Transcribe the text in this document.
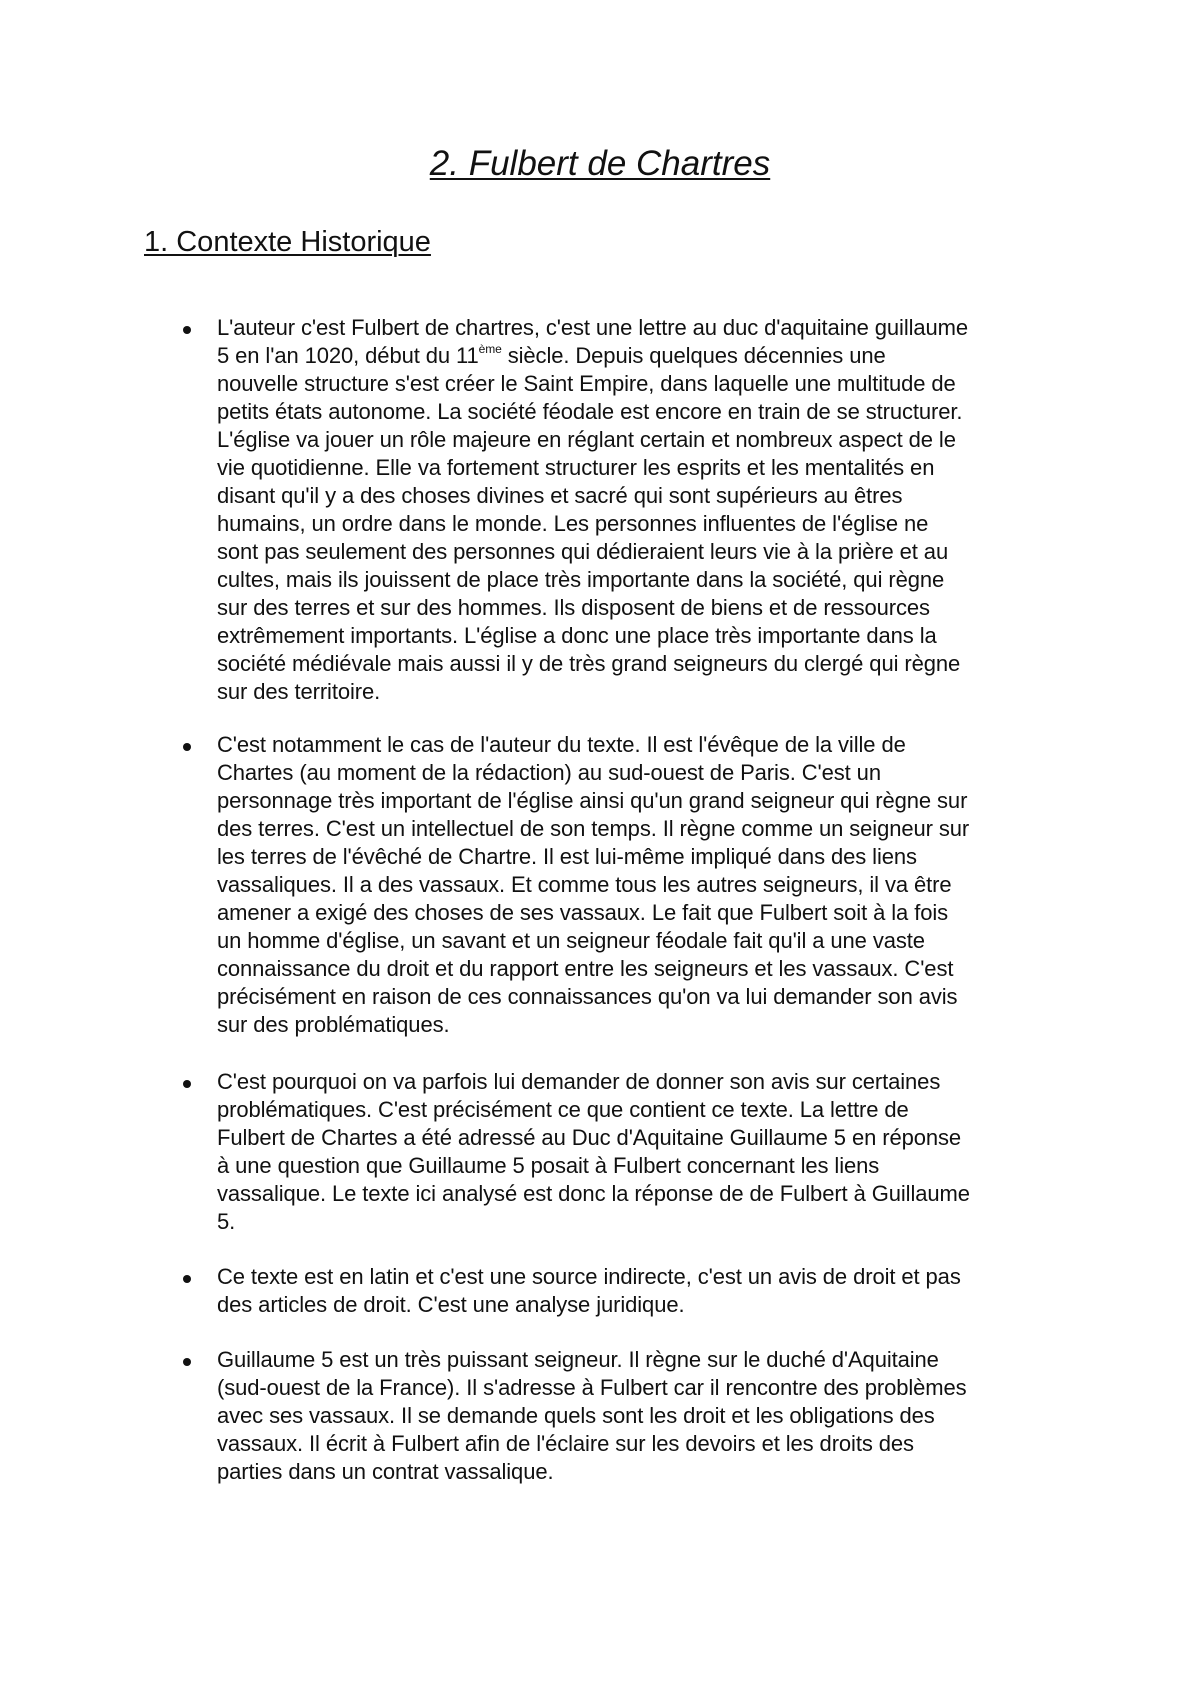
2. Fulbert de Chartres
1. Contexte Historique

L'auteur c'est Fulbert de chartres, c'est une lettre au duc d'aquitaine guillaume
5 en l'an 1020, début du 11ème siècle. Depuis quelques décennies une
nouvelle structure s'est créer le Saint Empire, dans laquelle une multitude de
petits états autonome. La société féodale est encore en train de se structurer.
L'église va jouer un rôle majeure en réglant certain et nombreux aspect de le
vie quotidienne. Elle va fortement structurer les esprits et les mentalités en
disant qu'il y a des choses divines et sacré qui sont supérieurs au êtres
humains, un ordre dans le monde. Les personnes influentes de l'église ne
sont pas seulement des personnes qui dédieraient leurs vie à la prière et au
cultes, mais ils jouissent de place très importante dans la société, qui règne
sur des terres et sur des hommes. Ils disposent de biens et de ressources
extrêmement importants. L'église a donc une place très importante dans la
société médiévale mais aussi il y de très grand seigneurs du clergé qui règne
sur des territoire.

C'est notamment le cas de l'auteur du texte. Il est l'évêque de la ville de
Chartes (au moment de la rédaction) au sud-ouest de Paris. C'est un
personnage très important de l'église ainsi qu'un grand seigneur qui règne sur
des terres. C'est un intellectuel de son temps. Il règne comme un seigneur sur
les terres de l'évêché de Chartre. Il est lui-même impliqué dans des liens
vassaliques. Il a des vassaux. Et comme tous les autres seigneurs, il va être
amener a exigé des choses de ses vassaux. Le fait que Fulbert soit à la fois
un homme d'église, un savant et un seigneur féodale fait qu'il a une vaste
connaissance du droit et du rapport entre les seigneurs et les vassaux. C'est
précisément en raison de ces connaissances qu'on va lui demander son avis
sur des problématiques.

C'est pourquoi on va parfois lui demander de donner son avis sur certaines
problématiques. C'est précisément ce que contient ce texte. La lettre de
Fulbert de Chartes a été adressé au Duc d'Aquitaine Guillaume 5 en réponse
à une question que Guillaume 5 posait à Fulbert concernant les liens
vassalique. Le texte ici analysé est donc la réponse de de Fulbert à Guillaume
5.

Ce texte est en latin et c'est une source indirecte, c'est un avis de droit et pas
des articles de droit. C'est une analyse juridique.

Guillaume 5 est un très puissant seigneur. Il règne sur le duché d'Aquitaine
(sud-ouest de la France). Il s'adresse à Fulbert car il rencontre des problèmes
avec ses vassaux. Il se demande quels sont les droit et les obligations des
vassaux. Il écrit à Fulbert afin de l'éclaire sur les devoirs et les droits des
parties dans un contrat vassalique.
